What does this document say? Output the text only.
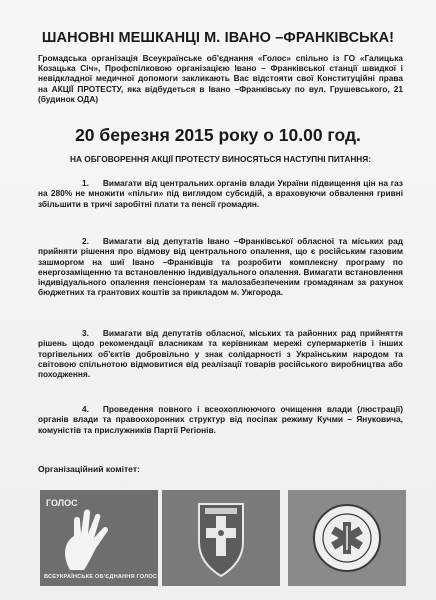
ШАНОВНІ МЕШКАНЦІ М. ІВАНО –ФРАНКІВСЬКА!
Громадська організація Всеукраїнське об'єднання «Голос» спільно із ГО «Галицька Козацька Січ», Профспілковою організацією Івано – Франківської станції швидкої і невідкладної медичної допомоги закликають Вас відстояти свої Конституційні права на АКЦІЇ ПРОТЕСТУ, яка відбудеться в Івано –Франківську по вул. Грушевського, 21 (будинок ОДА)
20 березня 2015 року о 10.00 год.
НА ОБГОВОРЕННЯ АКЦІЇ ПРОТЕСТУ ВИНОСЯТЬСЯ НАСТУПНІ ПИТАННЯ:
1. Вимагати від центральних органів влади України підвищення цін на газ на 280% не множити «пільги» під виглядом субсидій, а враховуючи обвалення гривні збільшити в тричі заробітні плати та пенсії громадян.
2. Вимагати від депутатів Івано –Франківської обласної та міських рад прийняти рішення про відмову від центрального опалення, що є російським газовим зашморгом на шиї Івано –Франківців та розробити комплексну програму по енергозаміщенню та встановленню індивідуального опалення. Вимагати встановлення індивідуального опалення пенсіонерам та малозабезпеченим громадянам за рахунок бюджетних та грантових коштів за прикладом м. Ужгорода.
3. Вимагати від депутатів обласної, міських та районних рад прийняття рішень щодо рекомендації власникам та керівникам мережі супермаркетів і інших торгівельних об'єктів добровільно у знак солідарності з Українським народом та світовою спільнотою відмовитися від реалізації товарів російського виробництва або походження.
4. Проведення повного і всеохоплюючого очищення влади (люстрації) органів влади та правоохоронних структур від посіпак режиму Кучми – Януковича, комуністів та прислужників Партії Регіонів.
Організаційний комітет:
ГОЛОС
ВСЕУКРАЇНСЬКЕ ОБ'ЄДНАННЯ ГОЛОС
